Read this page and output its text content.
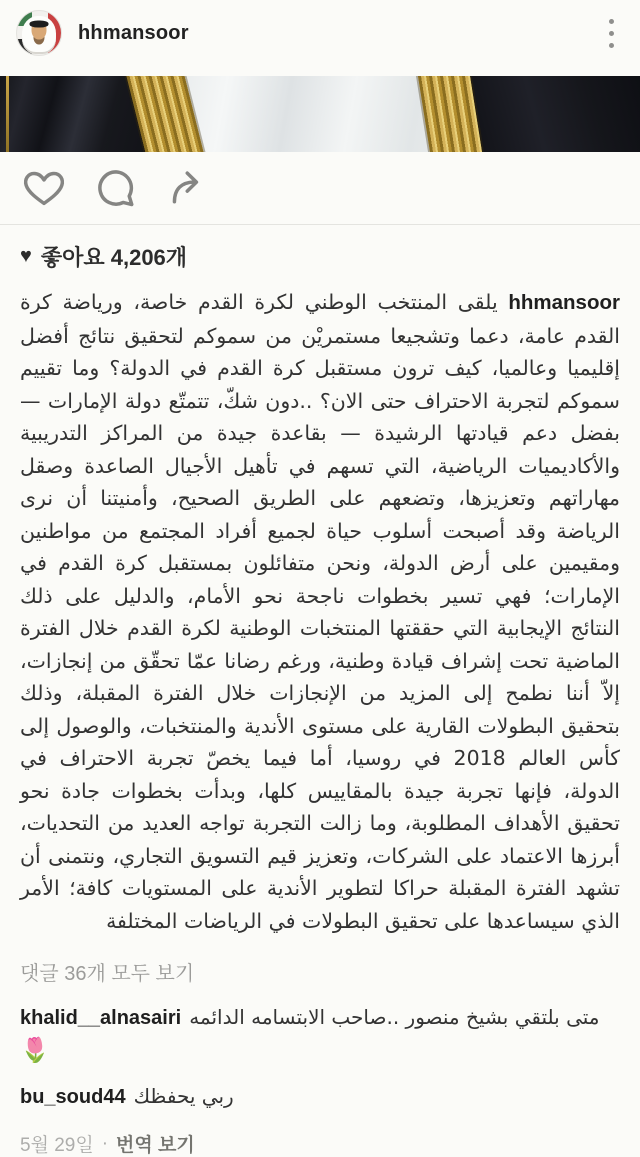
hhmansoor
♥ 좋아요 4,206개

hhmansoor يلقى المنتخب الوطني لكرة القدم خاصة، ورياضة كرة القدم عامة، دعما وتشجيعا مستمريْن من سموكم لتحقيق نتائج أفضل إقليميا وعالميا، كيف ترون مستقبل كرة القدم في الدولة؟ وما تقييم سموكم لتجربة الاحتراف حتى الان؟ ..دون شكّ، تتمتّع دولة الإمارات — بفضل دعم قيادتها الرشيدة — بقاعدة جيدة من المراكز التدريبية والأكاديميات الرياضية، التي تسهم في تأهيل الأجيال الصاعدة وصقل مهاراتهم وتعزيزها، وتضعهم على الطريق الصحيح، وأمنيتنا أن نرى الرياضة وقد أصبحت أسلوب حياة لجميع أفراد المجتمع من مواطنين ومقيمين على أرض الدولة، ونحن متفائلون بمستقبل كرة القدم في الإمارات؛ فهي تسير بخطوات ناجحة نحو الأمام، والدليل على ذلك النتائج الإيجابية التي حققتها المنتخبات الوطنية لكرة القدم خلال الفترة الماضية تحت إشراف قيادة وطنية، ورغم رضانا عمّا تحقّق من إنجازات، إلاّ أننا نطمح إلى المزيد من الإنجازات خلال الفترة المقبلة، وذلك بتحقيق البطولات القارية على مستوى الأندية والمنتخبات، والوصول إلى كأس العالم 2018 في روسيا، أما فيما يخصّ تجربة الاحتراف في الدولة، فإنها تجربة جيدة بالمقاييس كلها، وبدأت بخطوات جادة نحو تحقيق الأهداف المطلوبة، وما زالت التجربة تواجه العديد من التحديات، أبرزها الاعتماد على الشركات، وتعزيز قيم التسويق التجاري، ونتمنى أن تشهد الفترة المقبلة حراكا لتطوير الأندية على المستويات كافة؛ الأمر الذي سيساعدها على تحقيق البطولات في الرياضات المختلفة

댓글 36개 모두 보기

khalid__alnasairi متى بلتقي بشيخ منصور ..صاحب الابتسامه الدائمه

🌷

bu_soud44 ربي يحفظك

5월 29일 · 번역 보기
